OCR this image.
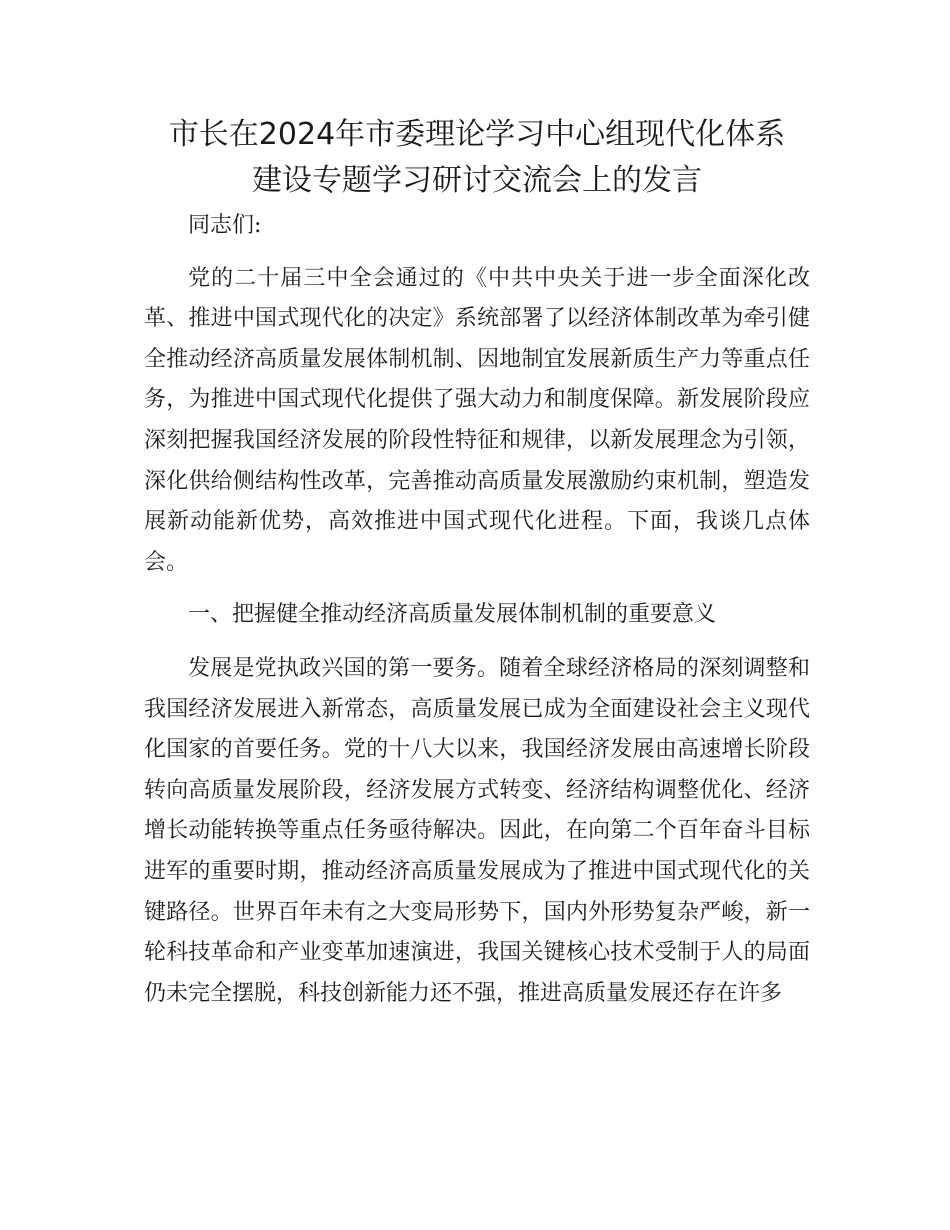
市长在2024年市委理论学习中心组现代化体系
建设专题学习研讨交流会上的发言

同志们:

党的二十届三中全会通过的《中共中央关于进一步全面深化改革、推进中国式现代化的决定》系统部署了以经济体制改革为牵引健全推动经济高质量发展体制机制、因地制宜发展新质生产力等重点任务，为推进中国式现代化提供了强大动力和制度保障。新发展阶段应深刻把握我国经济发展的阶段性特征和规律，以新发展理念为引领，深化供给侧结构性改革，完善推动高质量发展激励约束机制，塑造发展新动能新优势，高效推进中国式现代化进程。下面，我谈几点体会。

一、把握健全推动经济高质量发展体制机制的重要意义

发展是党执政兴国的第一要务。随着全球经济格局的深刻调整和我国经济发展进入新常态，高质量发展已成为全面建设社会主义现代化国家的首要任务。党的十八大以来，我国经济发展由高速增长阶段转向高质量发展阶段，经济发展方式转变、经济结构调整优化、经济增长动能转换等重点任务亟待解决。因此，在向第二个百年奋斗目标进军的重要时期，推动经济高质量发展成为了推进中国式现代化的关键路径。世界百年未有之大变局形势下，国内外形势复杂严峻，新一轮科技革命和产业变革加速演进，我国关键核心技术受制于人的局面仍未完全摆脱，科技创新能力还不强，推进高质量发展还存在许多
